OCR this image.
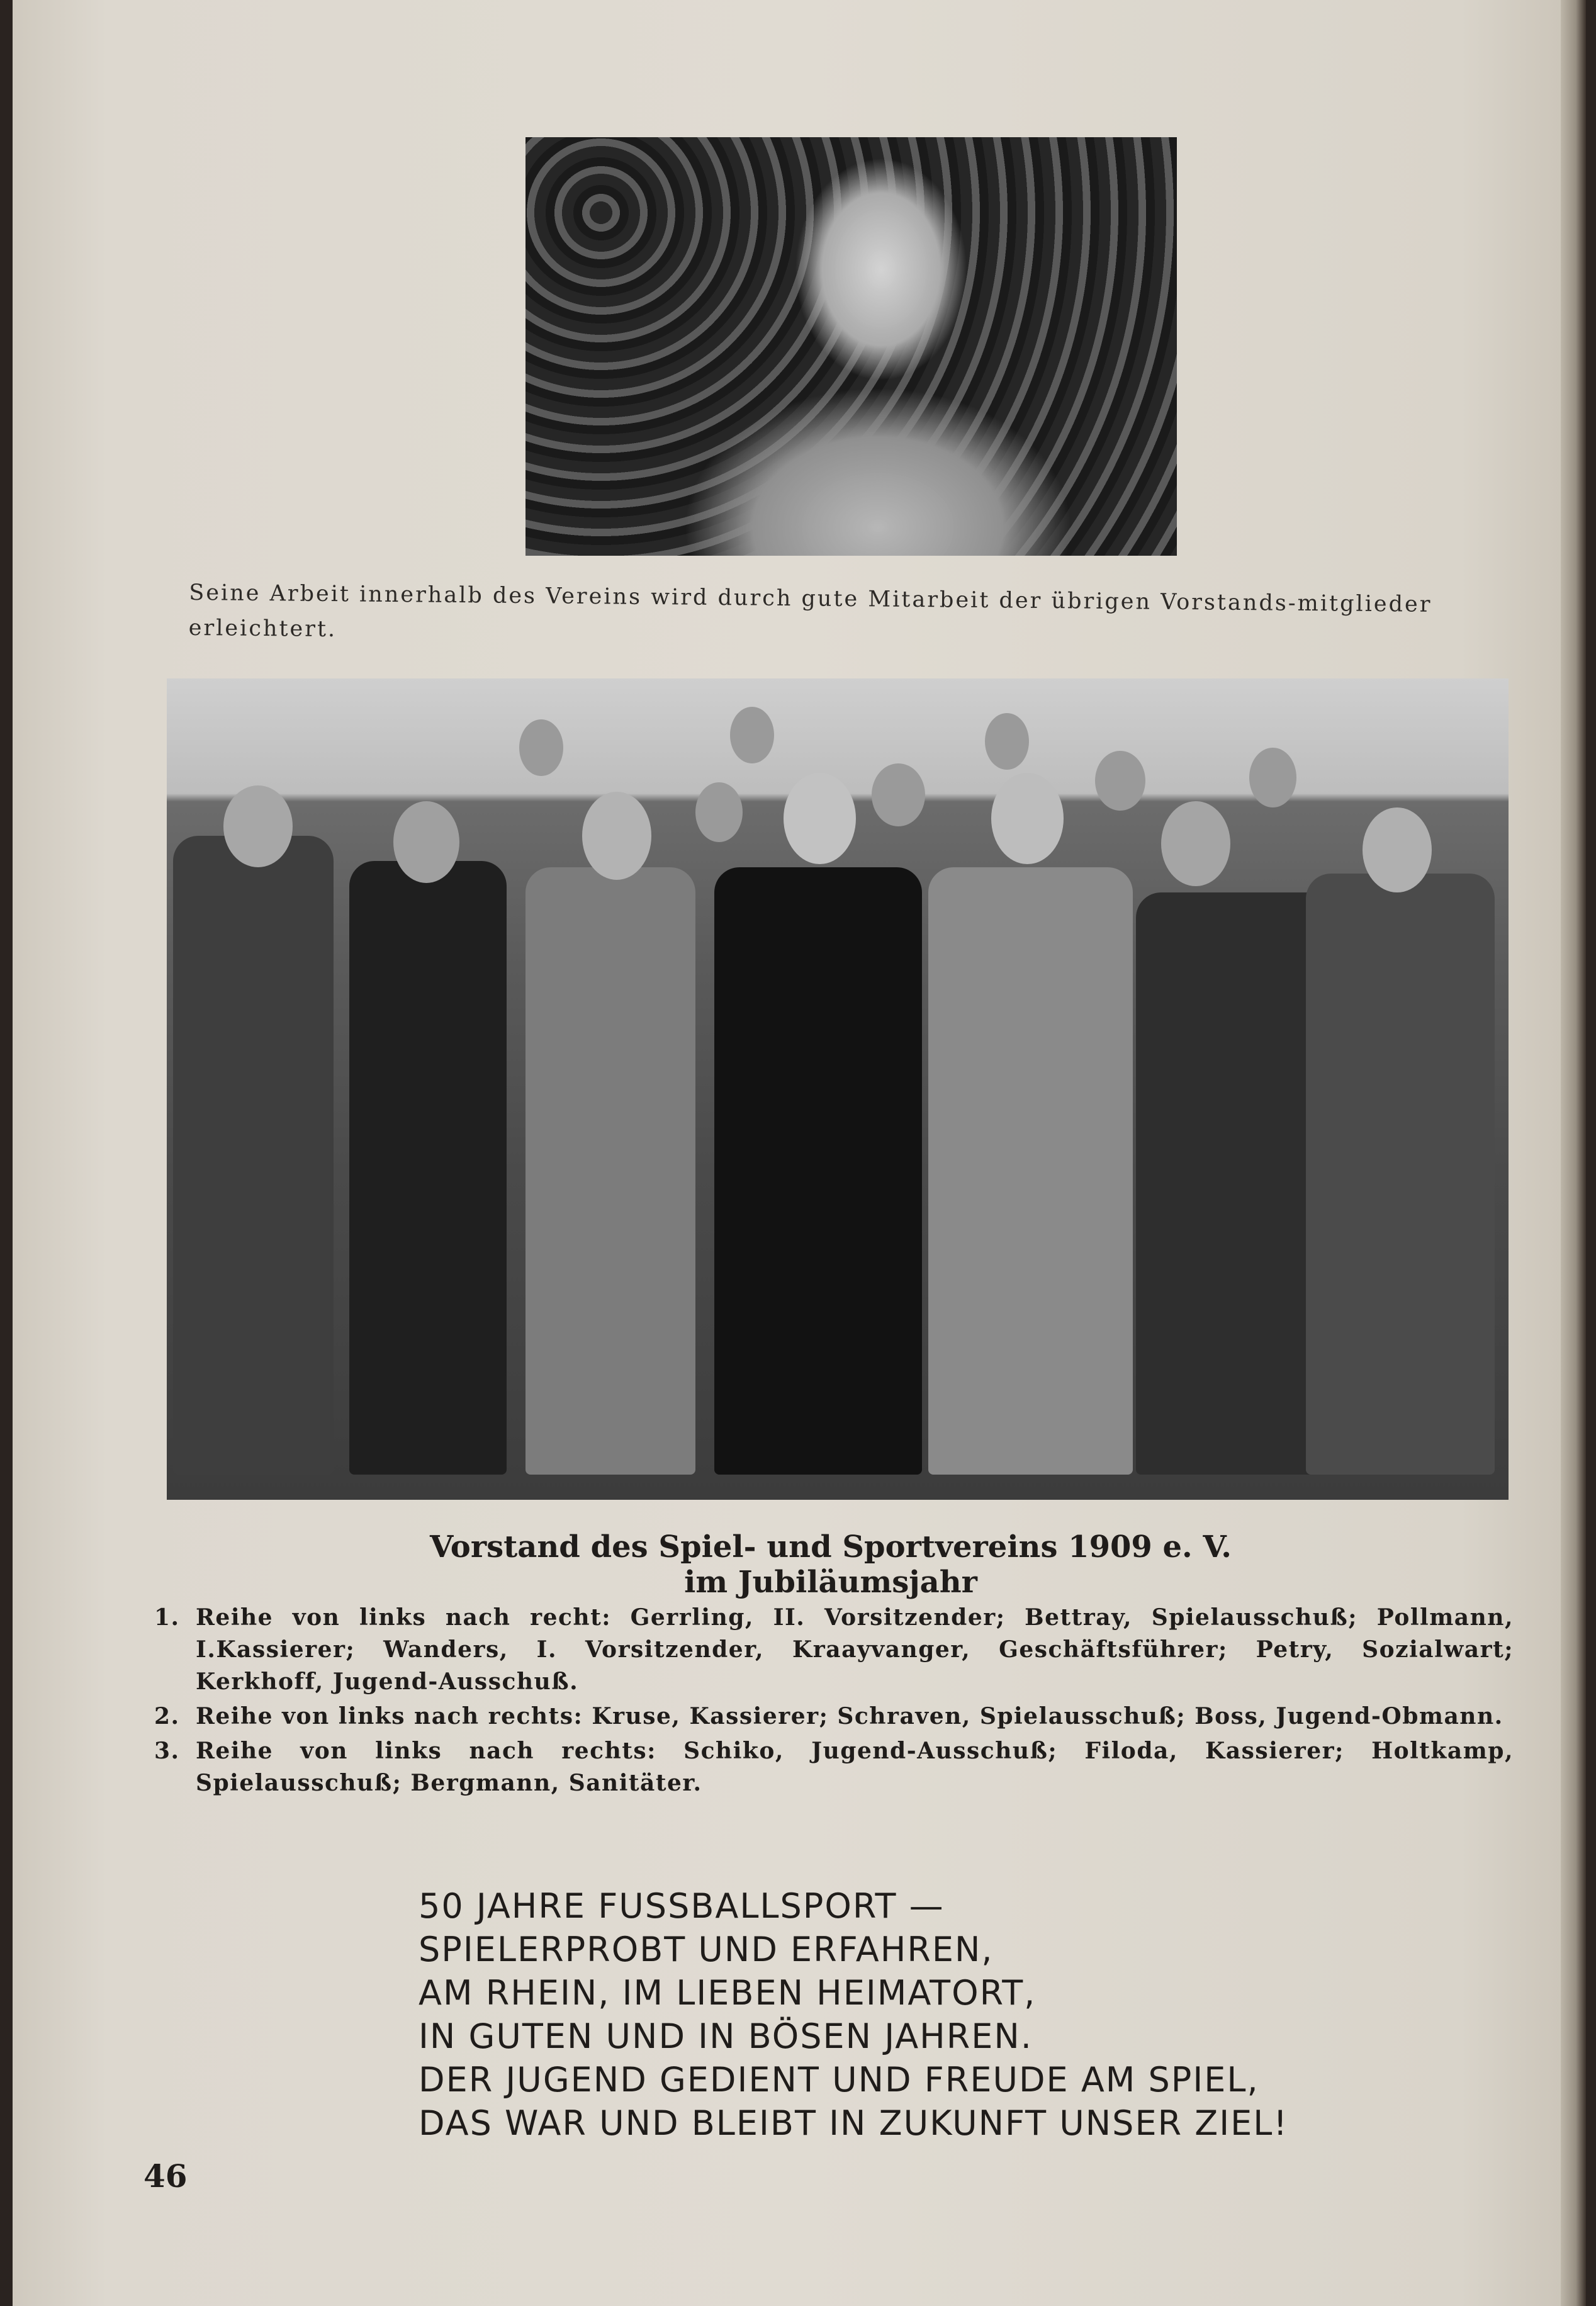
Seine Arbeit innerhalb des Vereins wird durch gute Mitarbeit der übrigen Vorstands-mitglieder erleichtert.
Vorstand des Spiel- und Sportvereins 1909 e. V.
im Jubiläumsjahr
1. Reihe von links nach recht: Gerrling, II. Vorsitzender; Bettray, Spielausschuß; Pollmann, I.Kassierer; Wanders, I. Vorsitzender, Kraayvanger, Geschäftsführer; Petry, Sozialwart; Kerkhoff, Jugend-Ausschuß.
2. Reihe von links nach rechts: Kruse, Kassierer; Schraven, Spielausschuß; Boss, Jugend-Obmann.
3. Reihe von links nach rechts: Schiko, Jugend-Ausschuß; Filoda, Kassierer; Holtkamp, Spielausschuß; Bergmann, Sanitäter.
50 JAHRE FUSSBALLSPORT —
SPIELERPROBT UND ERFAHREN,
AM RHEIN, IM LIEBEN HEIMATORT,
IN GUTEN UND IN BÖSEN JAHREN.
DER JUGEND GEDIENT UND FREUDE AM SPIEL,
DAS WAR UND BLEIBT IN ZUKUNFT UNSER ZIEL!
46
